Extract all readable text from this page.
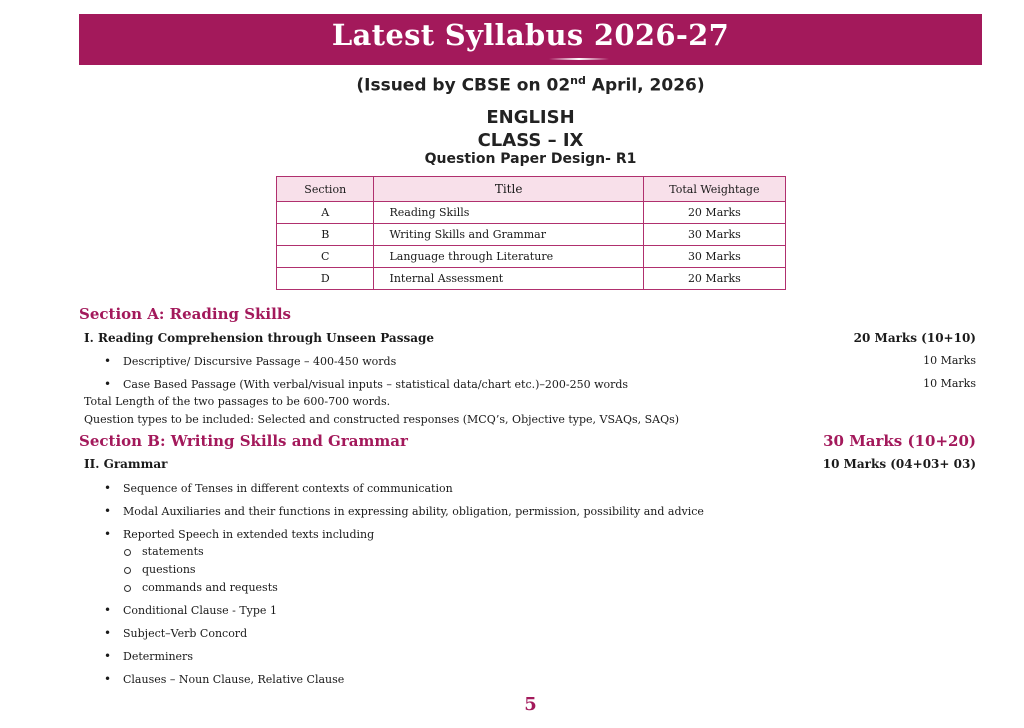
Latest Syllabus 2026-27
(Issued by CBSE on 02nd April, 2026)
ENGLISH
CLASS – IX
Question Paper Design- R1
Section	Title	Total Weightage
A	Reading Skills	20 Marks
B	Writing Skills and Grammar	30 Marks
C	Language through Literature	30 Marks
D	Internal Assessment	20 Marks
Section A: Reading Skills
I. Reading Comprehension through Unseen Passage	20 Marks (10+10)
• Descriptive/ Discursive Passage – 400-450 words	10 Marks
• Case Based Passage (With verbal/visual inputs – statistical data/chart etc.)–200-250 words	10 Marks
Total Length of the two passages to be 600-700 words.
Question types to be included: Selected and constructed responses (MCQ’s, Objective type, VSAQs, SAQs)
Section B: Writing Skills and Grammar	30 Marks (10+20)
II. Grammar	10 Marks (04+03+ 03)
• Sequence of Tenses in different contexts of communication
• Modal Auxiliaries and their functions in expressing ability, obligation, permission, possibility and advice
• Reported Speech in extended texts including
statements
questions
commands and requests
• Conditional Clause - Type 1
• Subject–Verb Concord
• Determiners
• Clauses – Noun Clause, Relative Clause
5
